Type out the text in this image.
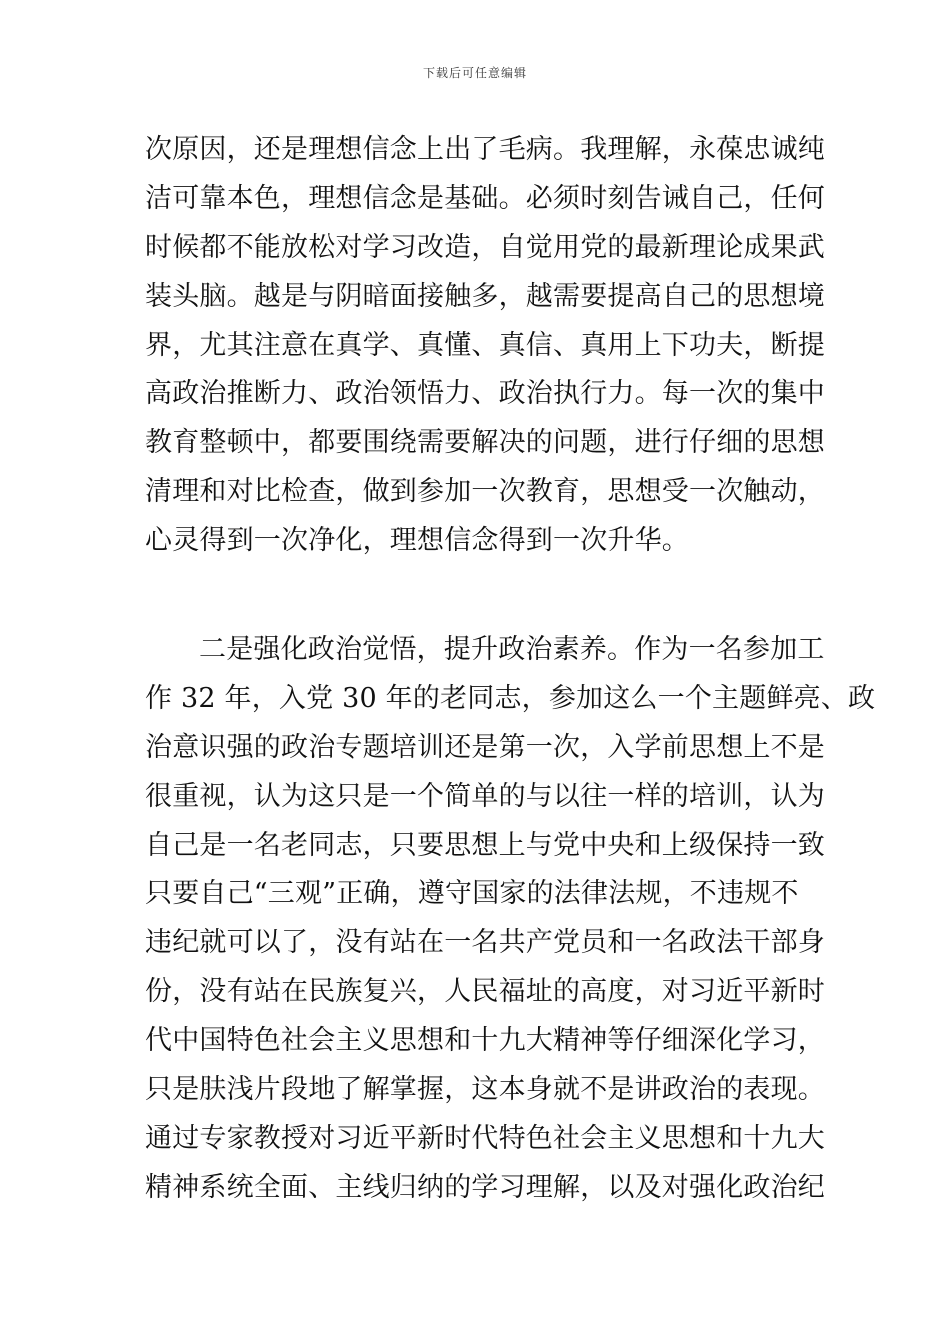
下载后可任意编辑
次原因，还是理想信念上出了毛病。我理解，永葆忠诚纯
洁可靠本色，理想信念是基础。必须时刻告诫自己，任何
时候都不能放松对学习改造，自觉用党的最新理论成果武
装头脑。越是与阴暗面接触多，越需要提高自己的思想境
界，尤其注意在真学、真懂、真信、真用上下功夫，断提
高政治推断力、政治领悟力、政治执行力。每一次的集中
教育整顿中，都要围绕需要解决的问题，进行仔细的思想
清理和对比检查，做到参加一次教育，思想受一次触动，
心灵得到一次净化，理想信念得到一次升华。
二是强化政治觉悟，提升政治素养。作为一名参加工
作 32 年，入党 30 年的老同志，参加这么一个主题鲜亮、政
治意识强的政治专题培训还是第一次，入学前思想上不是
很重视，认为这只是一个简单的与以往一样的培训，认为
自己是一名老同志，只要思想上与党中央和上级保持一致
只要自己“三观”正确，遵守国家的法律法规，不违规不
违纪就可以了，没有站在一名共产党员和一名政法干部身
份，没有站在民族复兴，人民福址的高度，对习近平新时
代中国特色社会主义思想和十九大精神等仔细深化学习，
只是肤浅片段地了解掌握，这本身就不是讲政治的表现。
通过专家教授对习近平新时代特色社会主义思想和十九大
精神系统全面、主线归纳的学习理解，以及对强化政治纪
